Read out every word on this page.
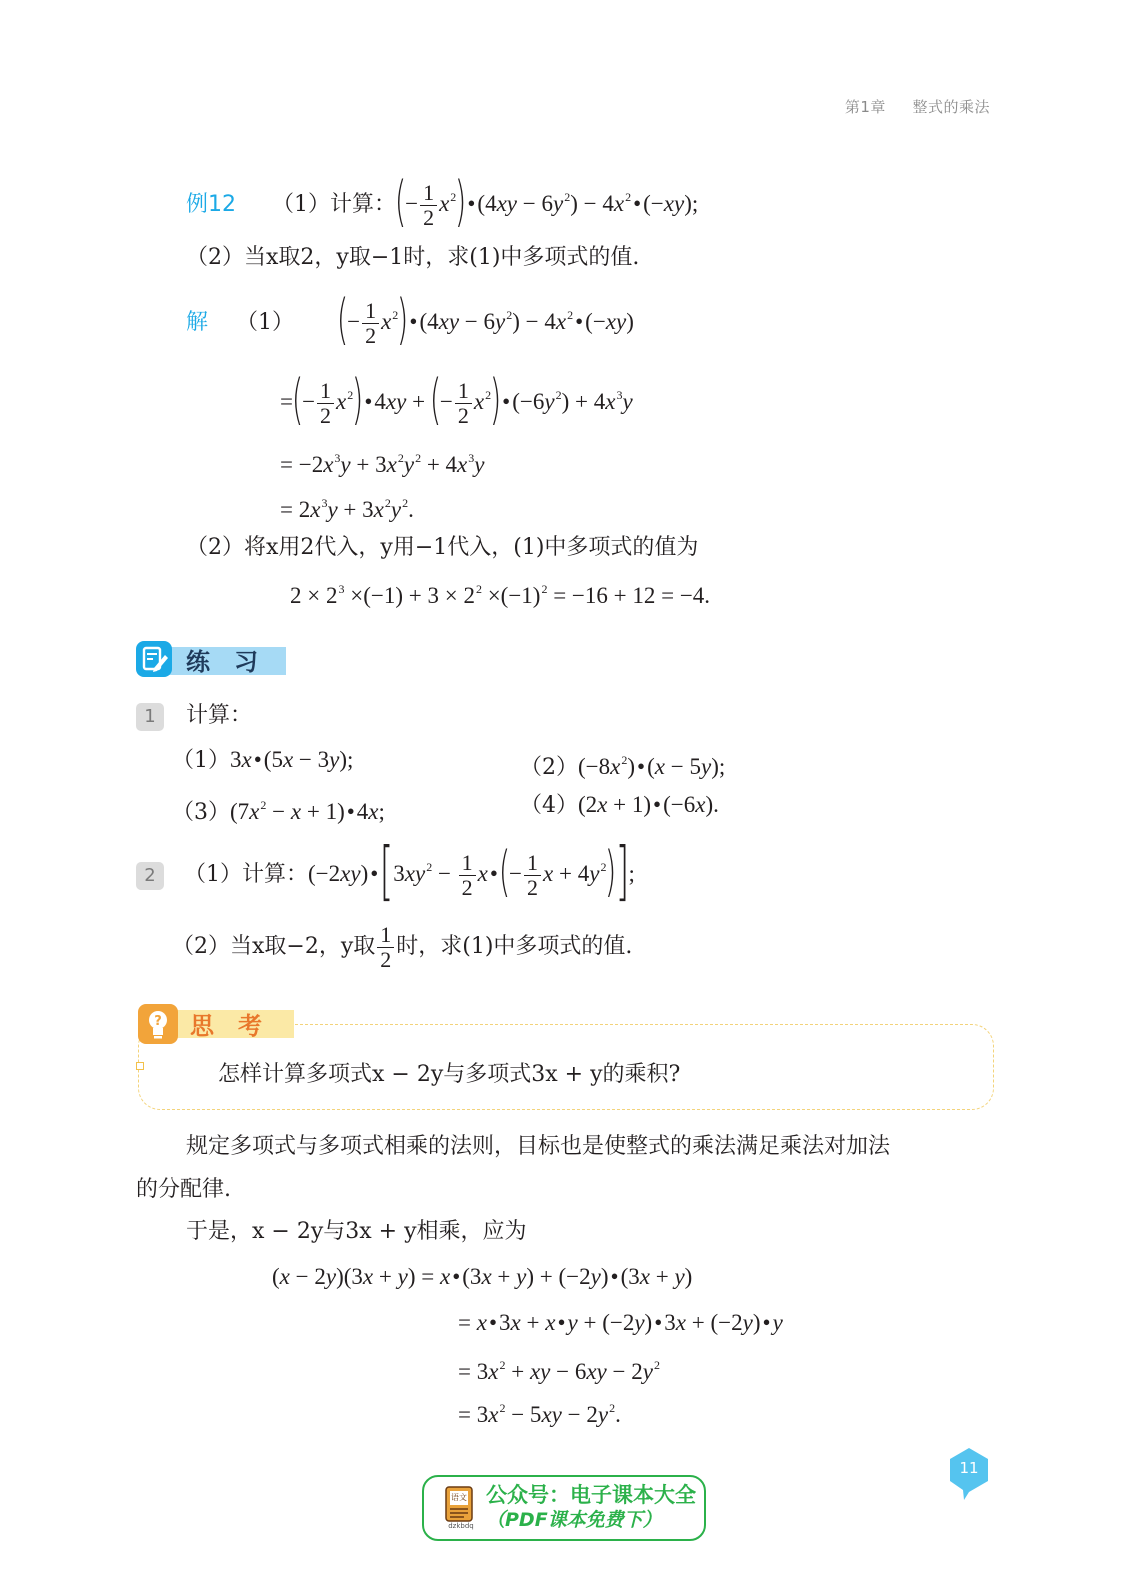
第1章 整式的乘法
例12 （1）计算：(− $\frac{1}{2}$ $x^2)•(4xy - 6y^2)$ − $4x^2•(-xy)$;
（2）当x取2，y取−1时，求(1)中多项式的值.
解 （1） (− $\frac{1}{2}$ $x^2)•(4xy - 6y^2)$ − $4x^2•(-xy)$
=(− $\frac{1}{2}$ $x^2)•4xy$ + (− $\frac{1}{2}$ $x^2)•(-6y^2) + 4x^3y$
= $-2x^3y + 3x^2y^2 + 4x^3y$
= $2x^3y + 3x^2y^2$.
（2）将x用2代入，y用−1代入，(1)中多项式的值为
$2 \times 2^3 \times(-1) + 3 \times 2^2 \times(-1)^2 = -16 + 12 = -4$.
练　习
1 计算：
（1）3x•(5x − 3y);	$(2)(-8x^2)•(x - 5y)$;
$(3)(7x^2 - x$ + 1)•4x;	（4）(2x + 1)•(−6x).
2 （1）计算：$(-2xy)•[3xy^2 - \frac{1}{2}$ x•(− $\frac{1}{2}$ $x + 4y^2$)];
（2）当x取−2，y取 $\frac{1}{2}$ 时，求(1)中多项式的值.
? 思　考
怎样计算多项式x − 2y与多项式3x + y的乘积?
规定多项式与多项式相乘的法则，目标也是使整式的乘法满足乘法对加法
的分配律.
于是，x − 2y与3x + y相乘，应为
(x − 2y)(3x + y) = x•(3x + y) + (−2y)•(3x + y)
= x•3x + x•y + (−2y)•3x + (−2y)•y
= $3x^2$ + xy − $6xy - 2y^2$
= $3x^2 - 5xy - 2y^2$.
11
语文
dzkbdq
公众号：电子课本大全
（PDF课本免费下）
